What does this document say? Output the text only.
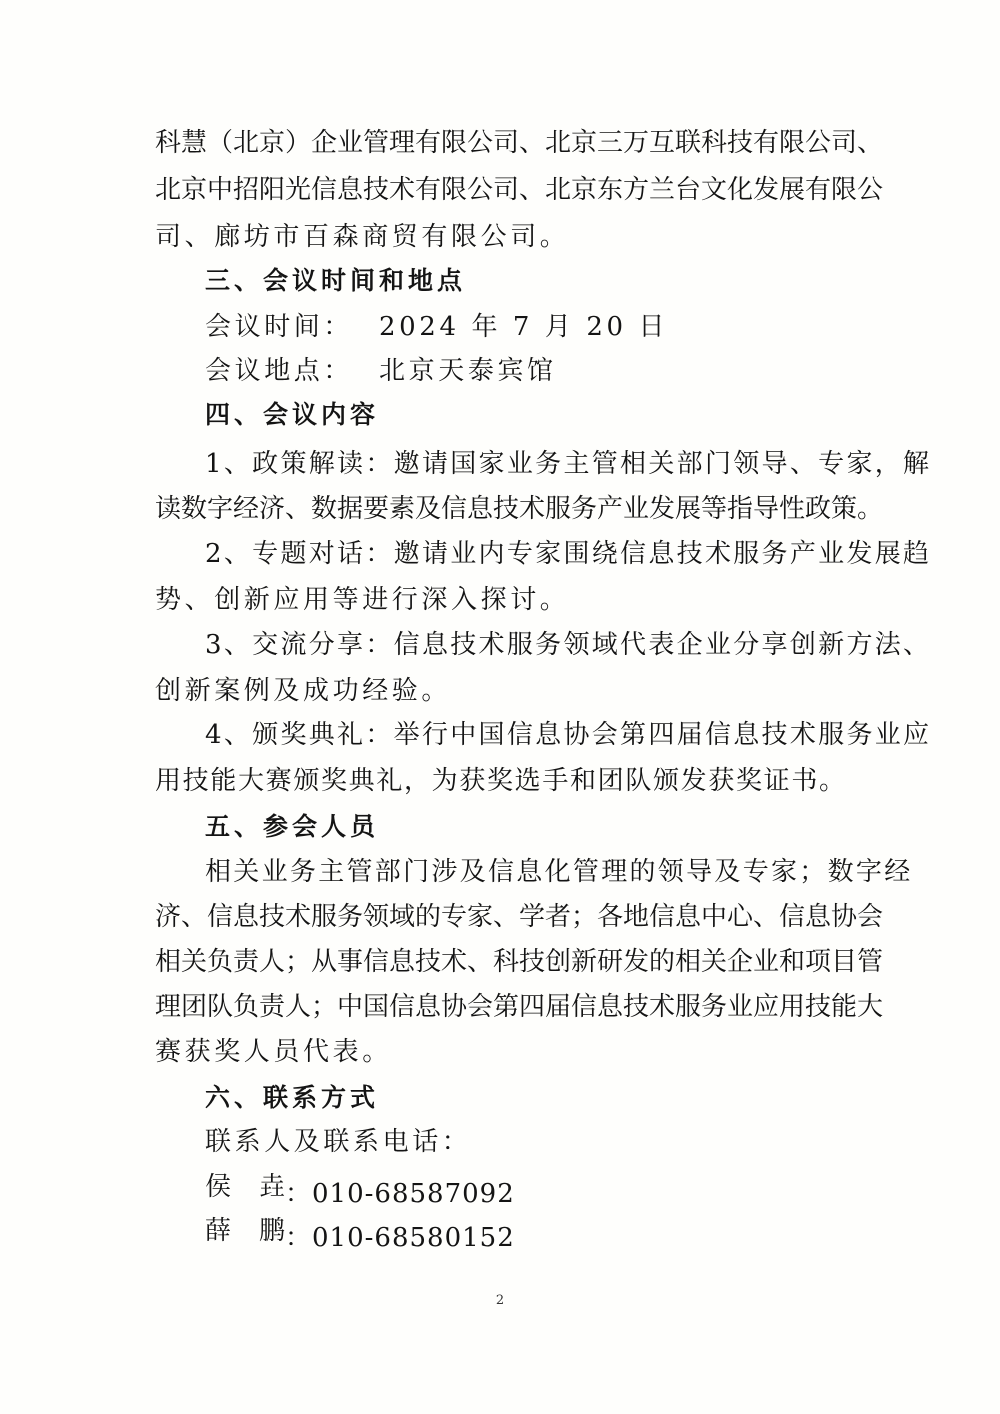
科慧（北京）企业管理有限公司、北京三万互联科技有限公司、
北京中招阳光信息技术有限公司、北京东方兰台文化发展有限公
司、廊坊市百森商贸有限公司。
三、会议时间和地点
会议时间： 2024 年 7 月 20 日
会议地点： 北京天泰宾馆
四、会议内容
1、政策解读：邀请国家业务主管相关部门领导、专家，解
读数字经济、数据要素及信息技术服务产业发展等指导性政策。
2、专题对话：邀请业内专家围绕信息技术服务产业发展趋
势、创新应用等进行深入探讨。
3、交流分享：信息技术服务领域代表企业分享创新方法、
创新案例及成功经验。
4、颁奖典礼：举行中国信息协会第四届信息技术服务业应
用技能大赛颁奖典礼，为获奖选手和团队颁发获奖证书。
五、参会人员
相关业务主管部门涉及信息化管理的领导及专家；数字经
济、信息技术服务领域的专家、学者；各地信息中心、信息协会
相关负责人；从事信息技术、科技创新研发的相关企业和项目管
理团队负责人；中国信息协会第四届信息技术服务业应用技能大
赛获奖人员代表。
六、联系方式
联系人及联系电话：
侯 垚 ：010-68587092
薛 鹏 ：010-68580152
2
